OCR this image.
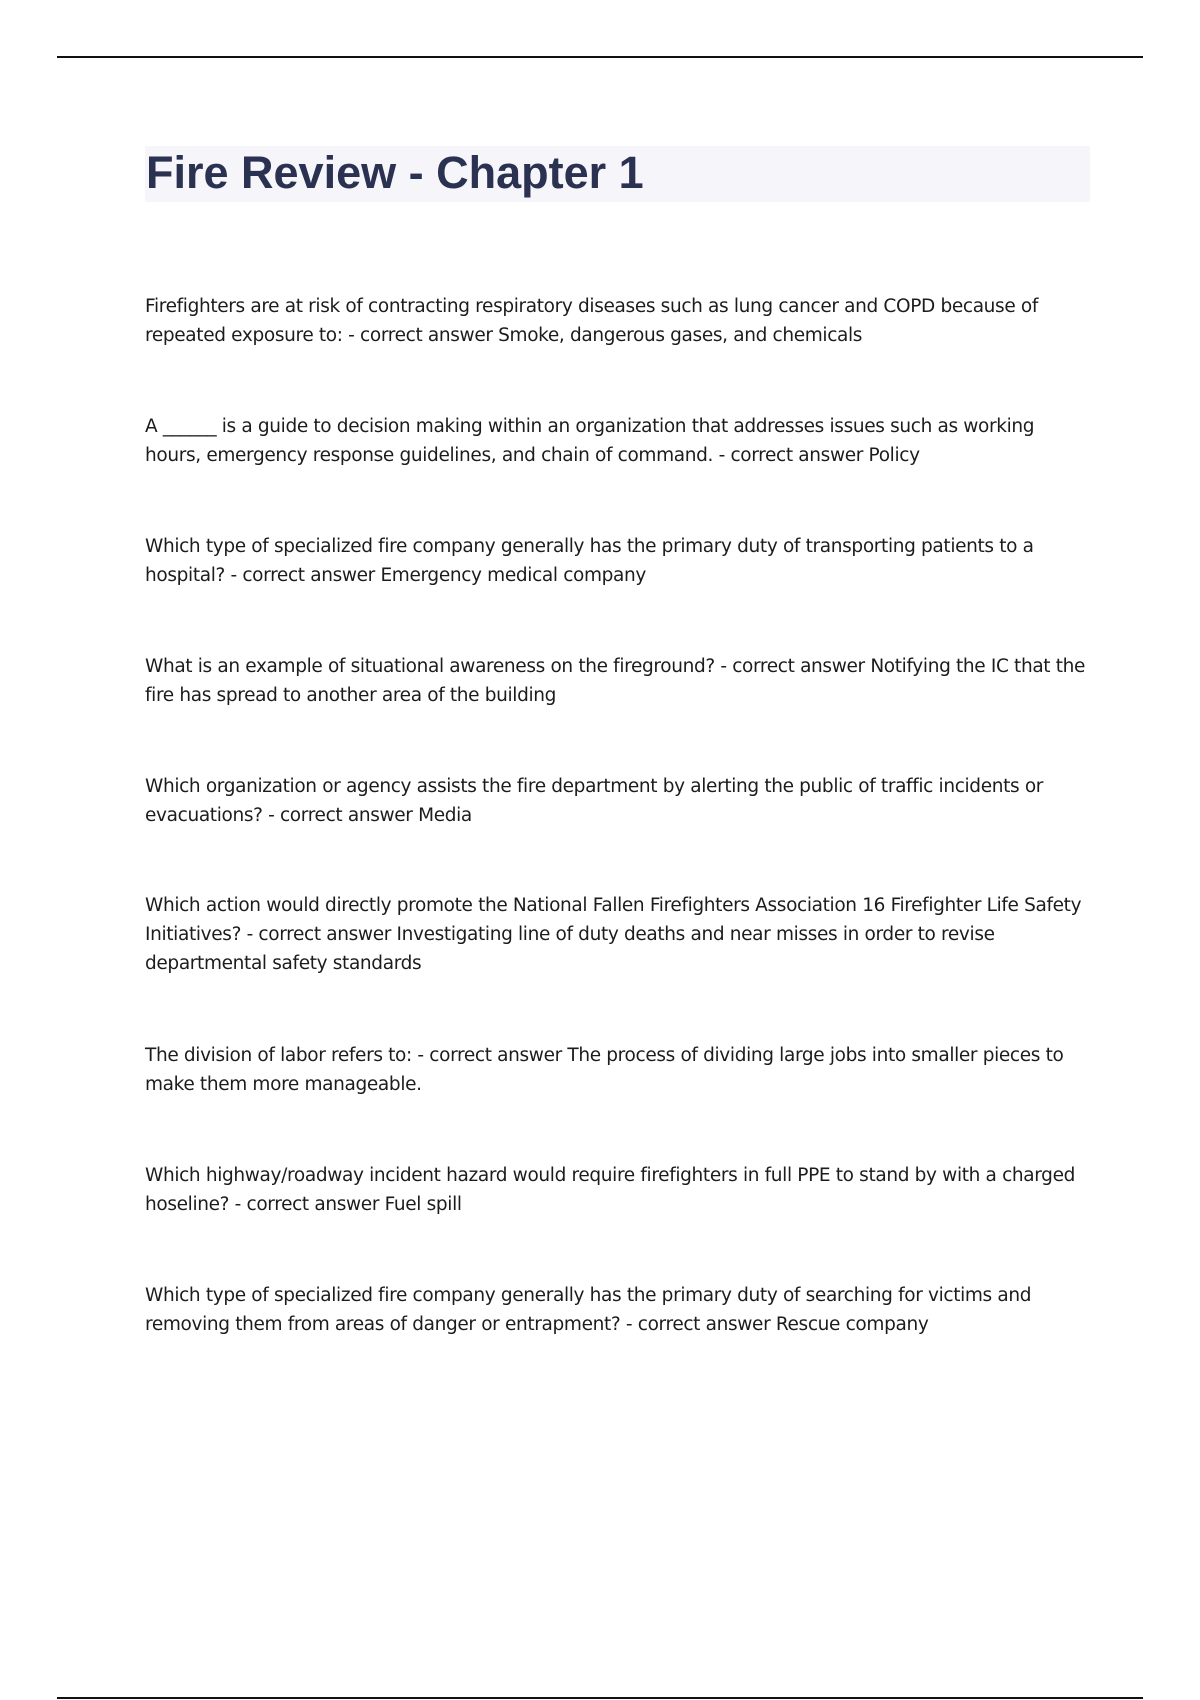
Fire Review - Chapter 1

Firefighters are at risk of contracting respiratory diseases such as lung cancer and COPD because of repeated exposure to: - correct answer Smoke, dangerous gases, and chemicals

A ______ is a guide to decision making within an organization that addresses issues such as working hours, emergency response guidelines, and chain of command. - correct answer Policy

Which type of specialized fire company generally has the primary duty of transporting patients to a hospital? - correct answer Emergency medical company

What is an example of situational awareness on the fireground? - correct answer Notifying the IC that the fire has spread to another area of the building

Which organization or agency assists the fire department by alerting the public of traffic incidents or evacuations? - correct answer Media

Which action would directly promote the National Fallen Firefighters Association 16 Firefighter Life Safety Initiatives? - correct answer Investigating line of duty deaths and near misses in order to revise departmental safety standards

The division of labor refers to: - correct answer The process of dividing large jobs into smaller pieces to make them more manageable.

Which highway/roadway incident hazard would require firefighters in full PPE to stand by with a charged hoseline? - correct answer Fuel spill

Which type of specialized fire company generally has the primary duty of searching for victims and removing them from areas of danger or entrapment? - correct answer Rescue company
